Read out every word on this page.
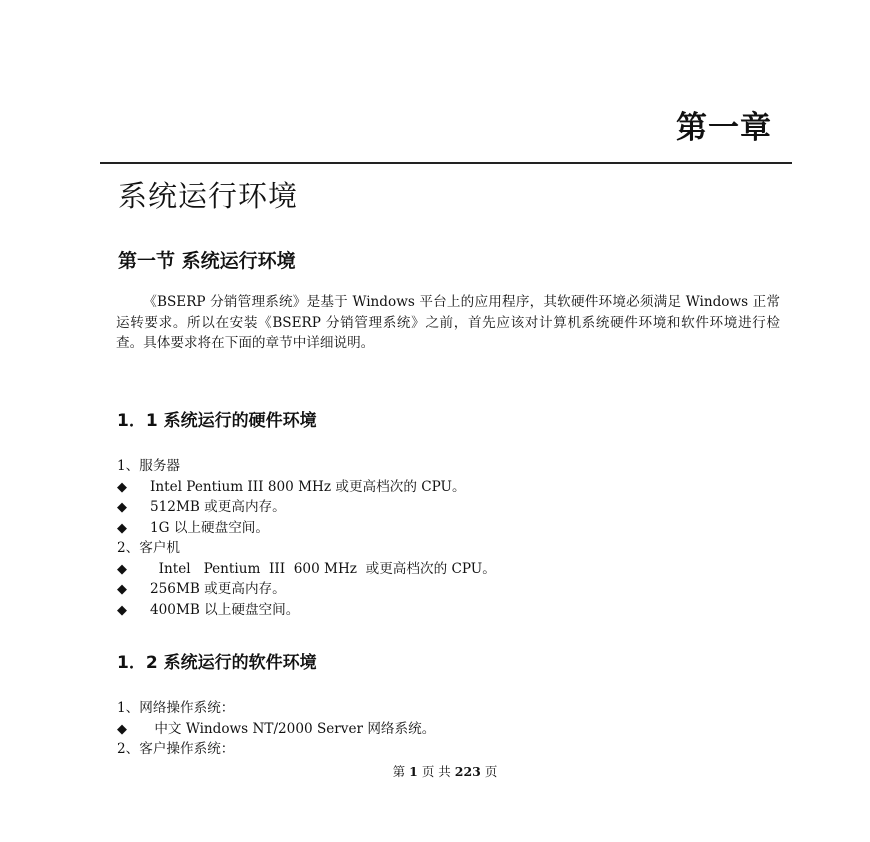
第一章
系统运行环境
第一节 系统运行环境
《BSERP 分销管理系统》是基于 Windows 平台上的应用程序，其软硬件环境必须满足 Windows 正常运转要求。所以在安装《BSERP 分销管理系统》之前，首先应该对计算机系统硬件环境和软件环境进行检查。具体要求将在下面的章节中详细说明。
1．1 系统运行的硬件环境
1、服务器
◆ Intel Pentium III 800 MHz 或更高档次的 CPU。
◆ 512MB 或更高内存。
◆ 1G 以上硬盘空间。
2、客户机
◆  Intel   Pentium  III  600 MHz  或更高档次的 CPU。
◆ 256MB 或更高内存。
◆ 400MB 以上硬盘空间。
1．2 系统运行的软件环境
1、网络操作系统：
◆ 中文 Windows NT/2000 Server 网络系统。
2、客户操作系统：
第 1 页 共 223 页
